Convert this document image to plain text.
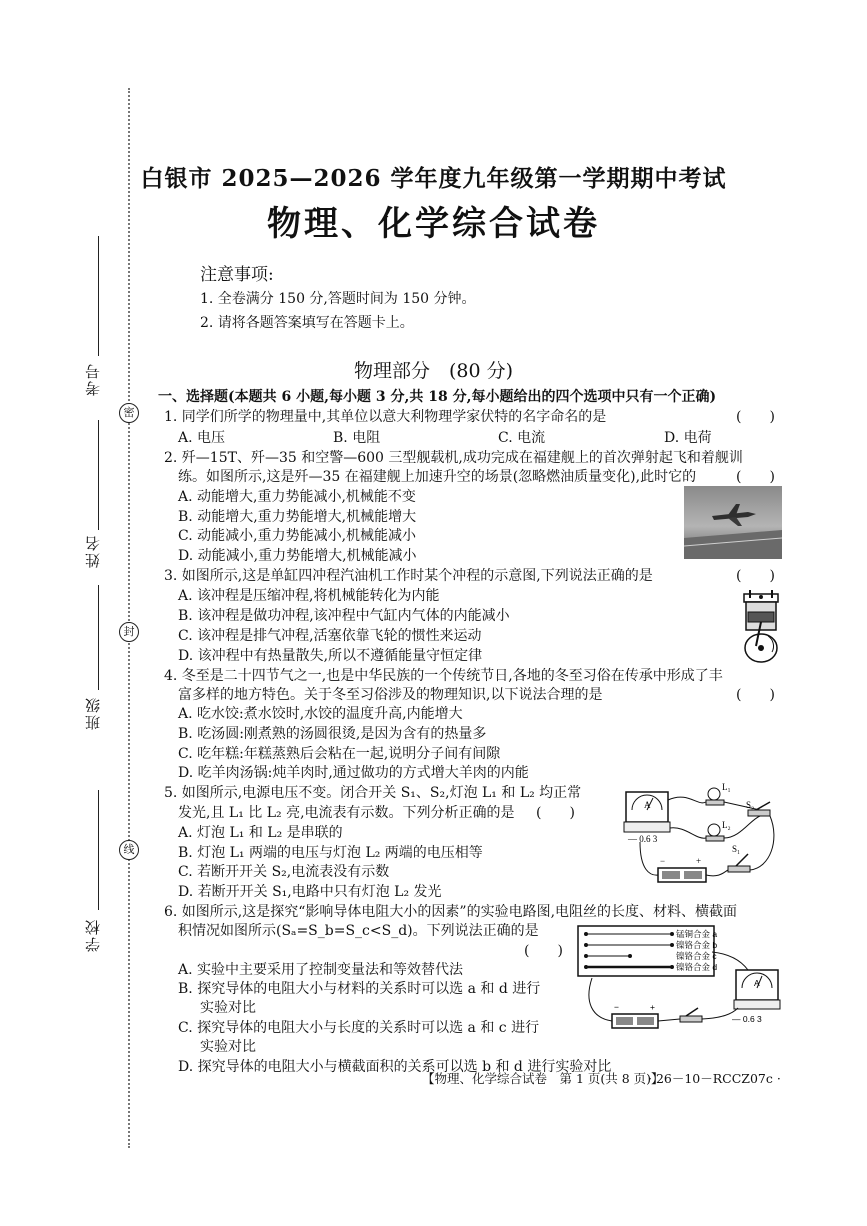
考号
密
姓名
封
班级
线
学校
白银市 2025—2026 学年度九年级第一学期期中考试
物理、化学综合试卷
注意事项:
1. 全卷满分 150 分,答题时间为 150 分钟。
2. 请将各题答案填写在答题卡上。
物理部分　(80 分)
一、选择题(本题共 6 小题,每小题 3 分,共 18 分,每小题给出的四个选项中只有一个正确)
1. 同学们所学的物理量中,其单位以意大利物理学家伏特的名字命名的是	(　　)
A. 电压	B. 电阻	C. 电流	D. 电荷
2. 歼—15T、歼—35 和空警—600 三型舰载机,成功完成在福建舰上的首次弹射起飞和着舰训
练。如图所示,这是歼—35 在福建舰上加速升空的场景(忽略燃油质量变化),此时它的	(　　)
A. 动能增大,重力势能减小,机械能不变
B. 动能增大,重力势能增大,机械能增大
C. 动能减小,重力势能减小,机械能减小
D. 动能减小,重力势能增大,机械能减小
3. 如图所示,这是单缸四冲程汽油机工作时某个冲程的示意图,下列说法正确的是	(　　)
A. 该冲程是压缩冲程,将机械能转化为内能
B. 该冲程是做功冲程,该冲程中气缸内气体的内能减小
C. 该冲程是排气冲程,活塞依靠飞轮的惯性来运动
D. 该冲程中有热量散失,所以不遵循能量守恒定律
4. 冬至是二十四节气之一,也是中华民族的一个传统节日,各地的冬至习俗在传承中形成了丰
富多样的地方特色。关于冬至习俗涉及的物理知识,以下说法合理的是	(　　)
A. 吃水饺:煮水饺时,水饺的温度升高,内能增大
B. 吃汤圆:刚煮熟的汤圆很烫,是因为含有的热量多
C. 吃年糕:年糕蒸熟后会粘在一起,说明分子间有间隙
D. 吃羊肉汤锅:炖羊肉时,通过做功的方式增大羊肉的内能
5. 如图所示,电源电压不变。闭合开关 S₁、S₂,灯泡 L₁ 和 L₂ 均正常
发光,且 L₁ 比 L₂ 亮,电流表有示数。下列分析正确的是 (　　)
A. 灯泡 L₁ 和 L₂ 是串联的
B. 灯泡 L₁ 两端的电压与灯泡 L₂ 两端的电压相等
C. 若断开开关 S₂,电流表没有示数
D. 若断开开关 S₁,电路中只有灯泡 L₂ 发光
A
— 0.6 3
L₁
S₂
L₂
S₁
−	+
6. 如图所示,这是探究“影响导体电阻大小的因素”的实验电路图,电阻丝的长度、材料、横截面
积情况如图所示(Sₐ=S_b=S_c<S_d)。下列说法正确的是
(　　)
A. 实验中主要采用了控制变量法和等效替代法
B. 探究导体的电阻大小与材料的关系时可以选 a 和 d 进行
实验对比
C. 探究导体的电阻大小与长度的关系时可以选 a 和 c 进行
实验对比
D. 探究导体的电阻大小与横截面积的关系可以选 b 和 d 进行实验对比
锰铜合金 a
镍铬合金 b
镍铬合金 c
镍铬合金 d
A
— 0.6 3
−	+
【物理、化学综合试卷　第 1 页(共 8 页)】
· 26－10－RCCZ07c ·
